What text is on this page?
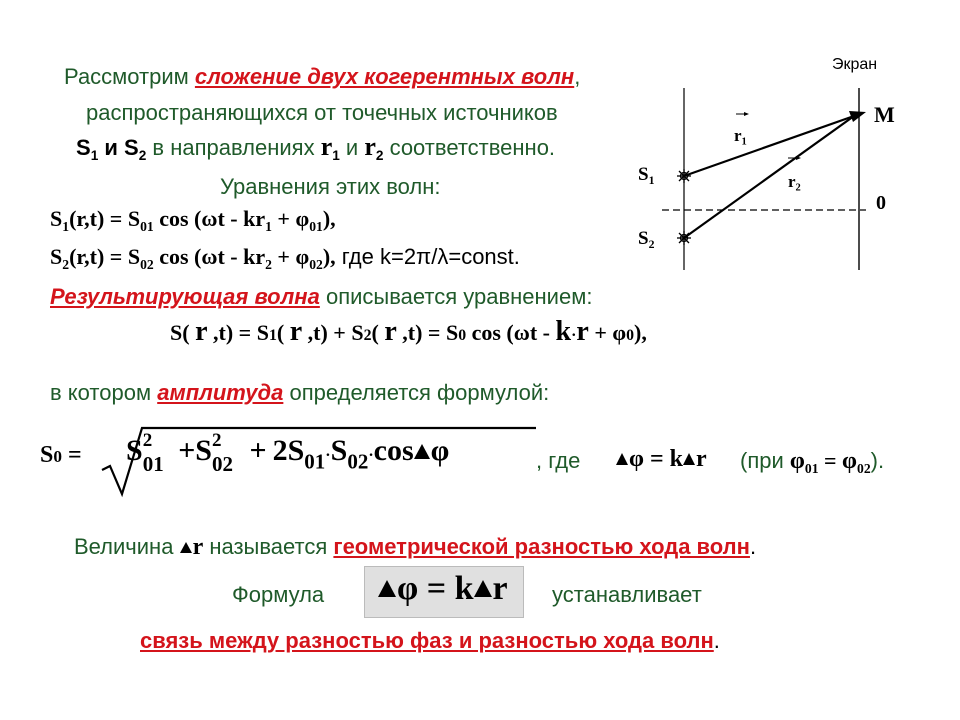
Рассмотрим сложение двух когерентных волн,
распространяющихся от точечных источников
$S_1$ и $S_2$ в направлениях $r_1$ и $r_2$ соответственно.
Уравнения этих волн:
$S_1(r,t) = S_{01}$ $\cos (\omega t - kr_1 + \varphi_{01})$,
$S_2(r,t) = S_{02}$ $\cos (\omega t - kr_2 + \varphi_{02})$, где k=2π/λ=const.
Результирующая волна описывается уравнением:
S( r ,t) = S1( r ,t) + S2( r ,t) = S0 cos (ωt - k·r + φ0),
в котором амплитуда определяется формулой:
S0 = S 2
01 +S 2
$02 + 2S_{01}\cdot S_{02}\cdot\cos$ φ	, где	φ = k r (при $\varphi_{01} = \varphi_{02}$).
Величина r называется геометрической разностью хода волн.
Формула	φ = k r устанавливает
связь между разностью фаз и разностью хода волн.
Экран
M
0
$S_1$
$S_2$
$r_1$
$r_2$
